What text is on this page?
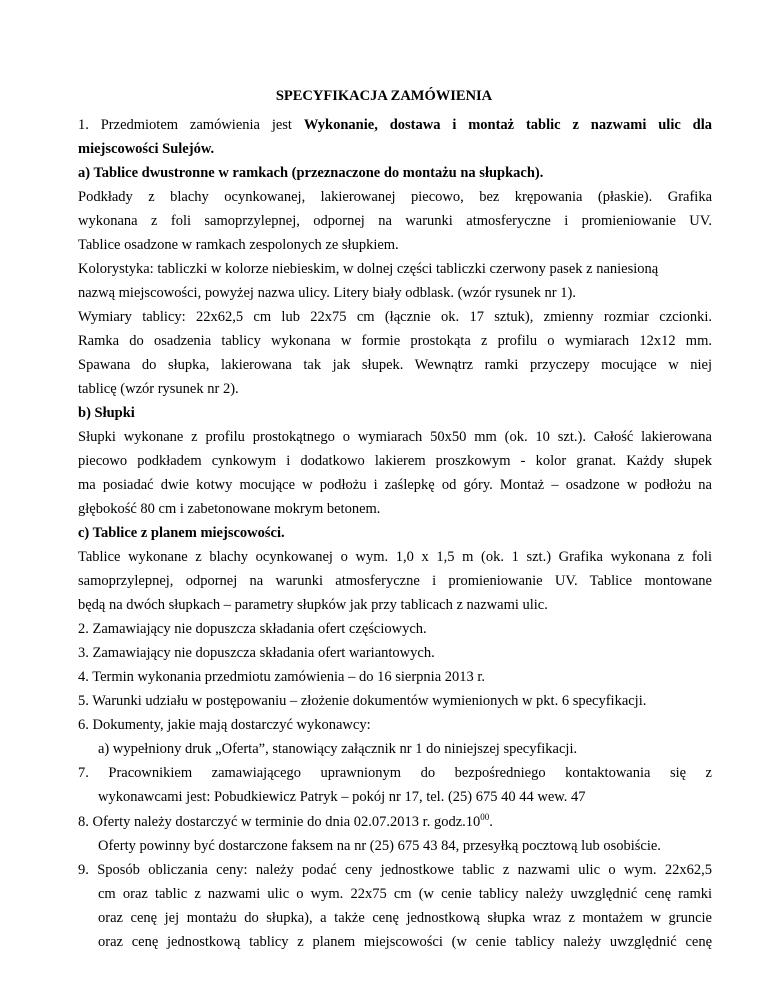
SPECYFIKACJA ZAMÓWIENIA
1. Przedmiotem zamówienia jest Wykonanie, dostawa i montaż tablic z nazwami ulic dla
miejscowości Sulejów.
a) Tablice dwustronne w ramkach (przeznaczone do montażu na słupkach).
Podkłady z blachy ocynkowanej, lakierowanej piecowo, bez krępowania (płaskie). Grafika
wykonana z foli samoprzylepnej, odpornej na warunki atmosferyczne i promieniowanie UV.
Tablice osadzone w ramkach zespolonych ze słupkiem.
Kolorystyka: tabliczki w kolorze niebieskim, w dolnej części tabliczki czerwony pasek z naniesioną
nazwą miejscowości, powyżej nazwa ulicy. Litery biały odblask. (wzór rysunek nr 1).
Wymiary tablicy: 22x62,5 cm lub 22x75 cm (łącznie ok. 17 sztuk), zmienny rozmiar czcionki.
Ramka do osadzenia tablicy wykonana w formie prostokąta z profilu o wymiarach 12x12 mm.
Spawana do słupka, lakierowana tak jak słupek. Wewnątrz ramki przyczepy mocujące w niej
tablicę (wzór rysunek nr 2).
b) Słupki
Słupki wykonane z profilu prostokątnego o wymiarach 50x50 mm (ok. 10 szt.). Całość lakierowana
piecowo podkładem cynkowym i dodatkowo lakierem proszkowym - kolor granat. Każdy słupek
ma posiadać dwie kotwy mocujące w podłożu i zaślepkę od góry. Montaż – osadzone w podłożu na
głębokość 80 cm i zabetonowane mokrym betonem.
c) Tablice z planem miejscowości.
Tablice wykonane z blachy ocynkowanej o wym. 1,0 x 1,5 m (ok. 1 szt.) Grafika wykonana z foli
samoprzylepnej, odpornej na warunki atmosferyczne i promieniowanie UV. Tablice montowane
będą na dwóch słupkach – parametry słupków jak przy tablicach z nazwami ulic.
2. Zamawiający nie dopuszcza składania ofert częściowych.
3. Zamawiający nie dopuszcza składania ofert wariantowych.
4. Termin wykonania przedmiotu zamówienia – do 16 sierpnia 2013 r.
5. Warunki udziału w postępowaniu – złożenie dokumentów wymienionych w pkt. 6 specyfikacji.
6. Dokumenty, jakie mają dostarczyć wykonawcy:
a) wypełniony druk „Oferta”, stanowiący załącznik nr 1 do niniejszej specyfikacji.
7. Pracownikiem zamawiającego uprawnionym do bezpośredniego kontaktowania się z
wykonawcami jest: Pobudkiewicz Patryk – pokój nr 17, tel. (25) 675 40 44 wew. 47
8. Oferty należy dostarczyć w terminie do dnia 02.07.2013 r. $godz.10^{00}$.
Oferty powinny być dostarczone faksem na nr (25) 675 43 84, przesyłką pocztową lub osobiście.
9. Sposób obliczania ceny: należy podać ceny jednostkowe tablic z nazwami ulic o wym. 22x62,5
cm oraz tablic z nazwami ulic o wym. 22x75 cm (w cenie tablicy należy uwzględnić cenę ramki
oraz cenę jej montażu do słupka), a także cenę jednostkową słupka wraz z montażem w gruncie
oraz cenę jednostkową tablicy z planem miejscowości (w cenie tablicy należy uwzględnić cenę
